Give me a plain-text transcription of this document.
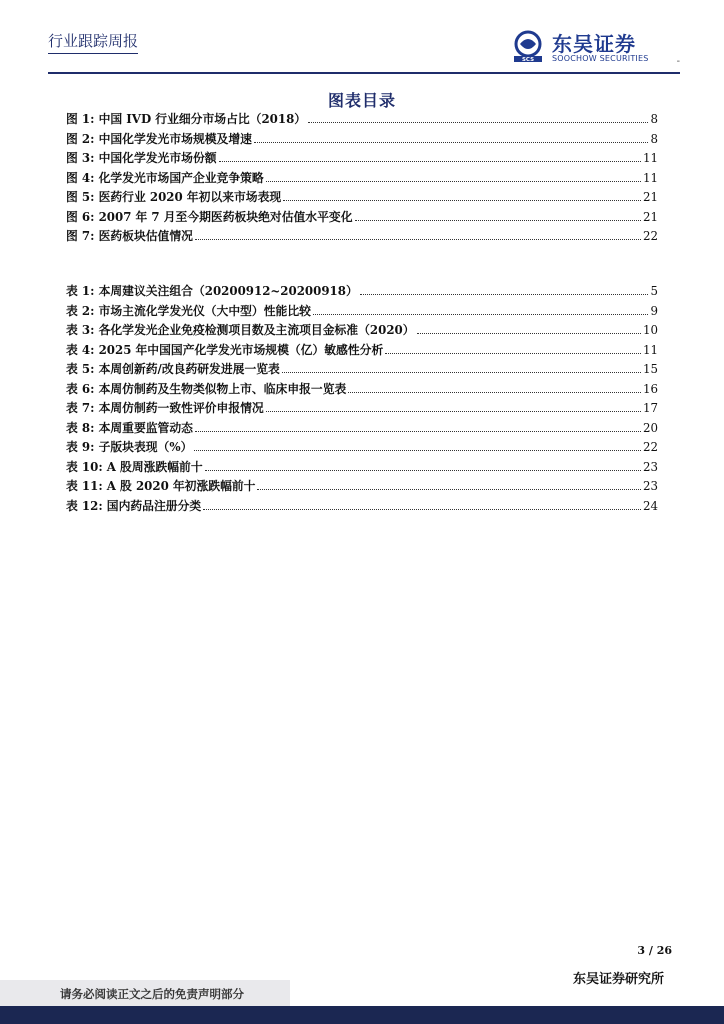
行业跟踪周报
SCS
东吴证券
SOOCHOW SECURITIES	-
图表目录
图 1: 中国 IVD 行业细分市场占比（2018）	8
图 2: 中国化学发光市场规模及增速	8
图 3: 中国化学发光市场份额	11
图 4: 化学发光市场国产企业竞争策略	11
图 5: 医药行业 2020 年初以来市场表现	21
图 6: 2007 年 7 月至今期医药板块绝对估值水平变化	21
图 7: 医药板块估值情况	22
表 1: 本周建议关注组合（20200912~20200918）	5
表 2: 市场主流化学发光仪（大中型）性能比较	9
表 3: 各化学发光企业免疫检测项目数及主流项目金标准（2020）	10
表 4: 2025 年中国国产化学发光市场规模（亿）敏感性分析	11
表 5: 本周创新药/改良药研发进展一览表	15
表 6: 本周仿制药及生物类似物上市、临床申报一览表	16
表 7: 本周仿制药一致性评价申报情况	17
表 8: 本周重要监管动态	20
表 9: 子版块表现（%）	22
表 10: A 股周涨跌幅前十	23
表 11: A 股 2020 年初涨跌幅前十	23
表 12: 国内药品注册分类	24
3 / 26
东吴证券研究所
请务必阅读正文之后的免责声明部分
